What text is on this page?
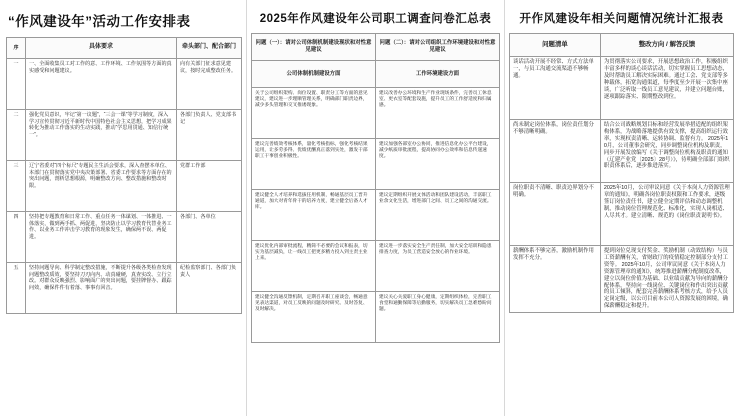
“作风建设年”活动工作安排表
序	具体要求	牵头部门、配合部门
一	一、全面收集员工对工作的意、工作环境、工作氛围等方面的真实感受和问题建议。	向有关部门征求意见建议，按时完成整改任务。
二	强化党员意识，牢记“第一议题”，“三会一课”等学习制度，深入学习宣传贯彻习近平新时代中国特色社会主义思想，把学习成果转化为推动工作落实的生动实践，推动“学思用贯通、知信行统一”。	各部门负责人、党支部书记
三	辽宁省委对“四个标尺”专题民主生活会要求，深入查摆本单位、本部门在贯彻落实党中央决策部署、省委工作要求等方面存在的突出问题，剖析思想根源，明确整改方向、整改措施和整改时限。	党群工作部
四	坚持把专题教育和日常工作、重点任务一体谋划、一体推进、一体落实，做到两手抓、两促进，坚决防止以学习教育代替业务工作、以业务工作冲击学习教育的现象发生，确保两不误、两促进。	各部门、各单位
五	坚持问题导向、科学制定整改措施，不断提升各级各类检查发现问题整改质效，要坚持刀刃向内、动真碰硬，真查实改、立行立改。对群众反映强烈、影响面广的突出问题，要挂牌督办、跟踪问效，确保件件有着落、事事有回音。	纪检监察部门、各部门负责人
2025年作风建设年公司职工调查问卷汇总表
问题（一）：请对公司体制机制建设现状和对性意见建议	问题（二）：请对公司组织工作环境建设和对性意见建议
公司体制机制建设方面	工作环境建设方面
关于公司组织架构、岗位设置、职责分工等方面的意见建议，建议进一步理顺管理关系，明确部门职责边界，减少多头管理和交叉推诿现象。	建议改善办公环境和生产作业现场条件，完善员工休息室、更衣室等配套设施，提升员工的工作舒适度和归属感。
建议完善绩效考核体系，量化考核指标，强化考核结果运用，让多劳多得、优绩优酬真正落到实处，激发干部职工干事创业积极性。	建议加强各部室办公协同，推进信息化办公平台建设，减少纸质审批流程，提高协同办公效率和信息传递速度。
建议健全人才培养和选拔任用机制，畅通基层员工晋升通道，加大对青年骨干的培养力度，建立健全后备人才库。	建议定期组织开展文体活动和团队建设活动，丰富职工业余文化生活，增进部门之间、员工之间的沟通交流。
建议优化内部审批流程，精简不必要的会议和报表，切实为基层减负，让一线员工把更多精力投入到主责主业上来。	建议进一步落实安全生产责任制，加大安全培训和隐患排查力度，为员工营造安全放心的作业环境。
建议健全沟通反馈机制，定期召开职工座谈会，畅通意见表达渠道，对员工反映的问题及时研究、及时答复、及时解决。	建议关心关爱职工身心健康，定期组织体检，完善职工食堂和通勤保障等后勤服务，切实解决员工急难愁盼问题。
开作风建设年相关问题情况统计汇报表
问题清单	整改方向 / 解答反馈
谈话活动开展不经常、方式方法单一，与员工沟通交流渠道不够畅通。	为贯彻落实公司要求，开展思想政治工作，积极组织丰富多样的谈心谈话活动，切实掌握员工思想动态，及时帮助员工解决实际困难。通过工会、党支部等多种载体，拓宽沟通渠道，每季度至少开展一次集中座谈，广泛听取一线员工意见建议，并建立问题台账，逐项跟踪落实、限期整改到位。
尚未制定岗位体系，岗位责任划分不够清晰明确。	结合公司战略规划目标和经营发展举措适配的组织架构体系，为战略落地提供有效支撑，提高组织运行效率，实现权责清晰、运转协调、监督有力。 2025年10月，公司董事会研究，同步调整岗位机构及职责，同步开展发放编写《关于调整岗位机构及职责的通知（辽建产业党〔2025〕28号）》，待明确全部部门组织职责体系后，逐步推进落实。
岗位职责不清晰、职责边界划分不明确。	2025年10月，公司审议同意《关于本岗人力资源管理章的通知》，明确各岗位职责权限和工作要求，逐级签订岗位责任书，建立健全定期评估和动态调整机制，推动岗位管理规范化、标准化，实现人岗相适、人尽其才。建立清晰、规范的《岗位职责说明书》。
薪酬体系不够完善，激励机制作用发挥不充分。	提到岗位兑现支付奖金、奖励机制（动效结构）与员工资薪酬有关，省财政厅的疫情稳定控制部分支付工资等。 2025年10月，公司审议同意《关于本岗人力资源管理章的通知》，统筹推进薪酬分配制度改革，建立以岗位价值为基础、以业绩贡献为导向的薪酬分配体系，坚持向一线岗位、关键岗位和作出突出贡献的员工倾斜，配套完善薪酬体系考核方式，给予人员定岗定级，以公司目前本公司人资源发展的困境，确保薪酬稳定和提升。
